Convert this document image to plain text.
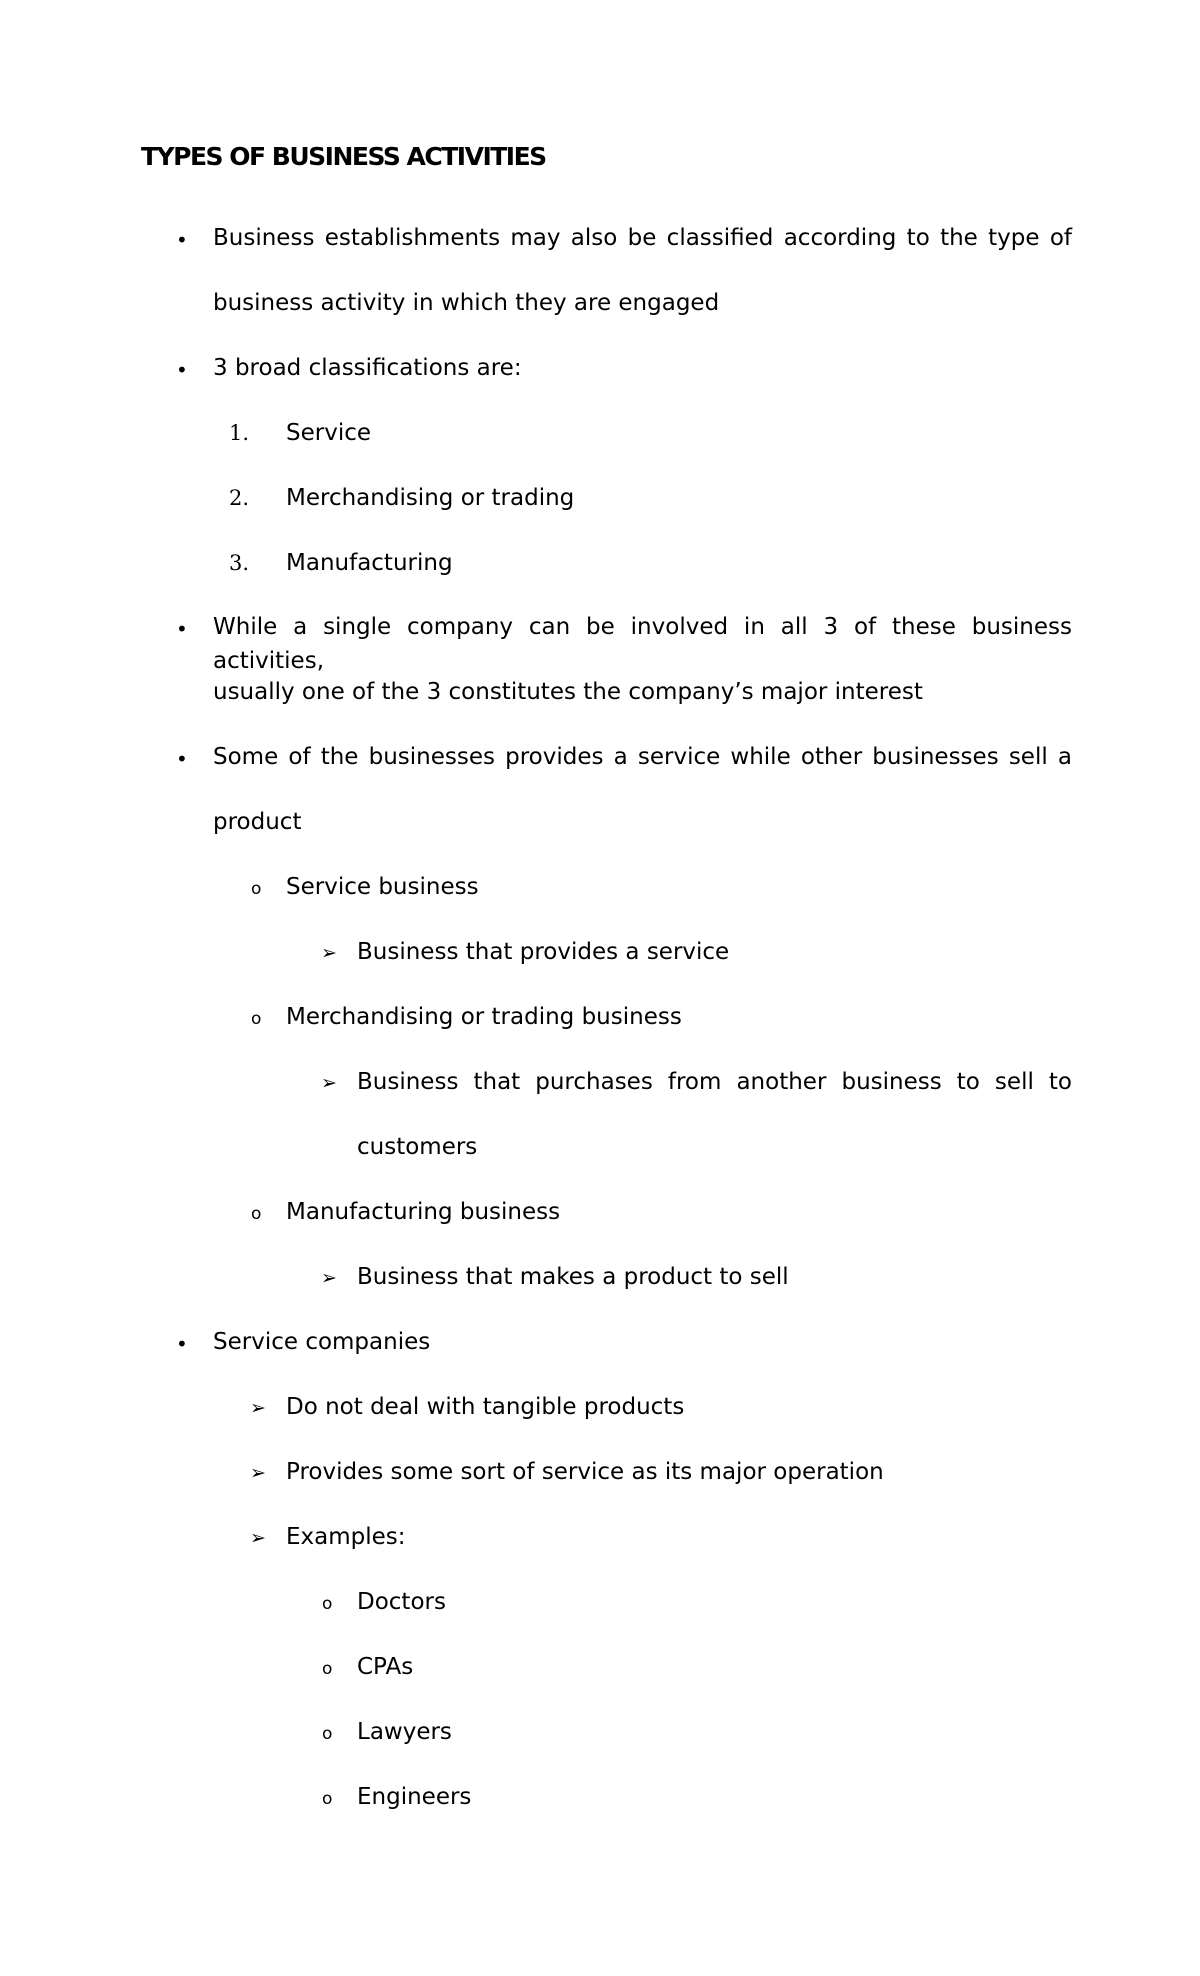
TYPES OF BUSINESS ACTIVITIES
• Business establishments may also be classified according to the type of
business activity in which they are engaged
• 3 broad classifications are:
1. Service
2. Merchandising or trading
3. Manufacturing
• While a single company can be involved in all 3 of these business activities,
usually one of the 3 constitutes the company’s major interest
• Some of the businesses provides a service while other businesses sell a
product
o Service business
➢ Business that provides a service
o Merchandising or trading business
➢ Business that purchases from another business to sell to
customers
o Manufacturing business
➢ Business that makes a product to sell
• Service companies
➢ Do not deal with tangible products
➢ Provides some sort of service as its major operation
➢ Examples:
o Doctors
o CPAs
o Lawyers
o Engineers
